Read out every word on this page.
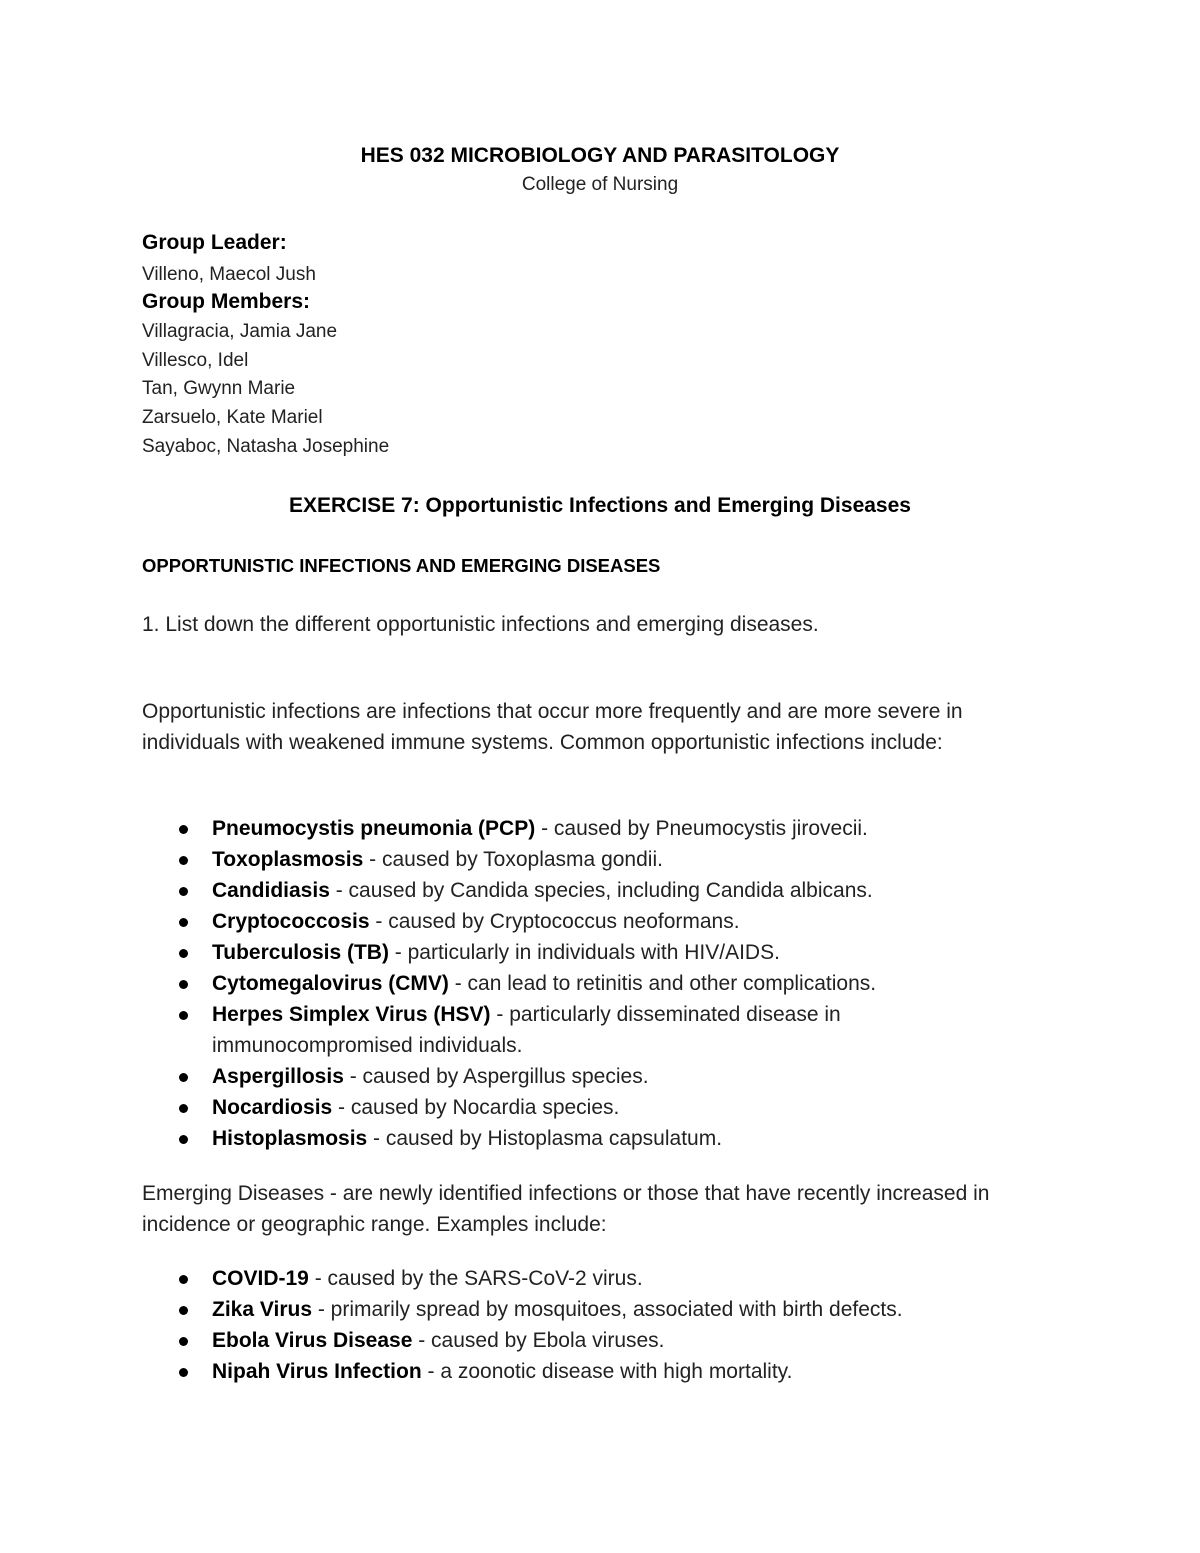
HES 032 MICROBIOLOGY AND PARASITOLOGY
College of Nursing
Group Leader:
Villeno, Maecol Jush
Group Members:
Villagracia, Jamia Jane
Villesco, Idel
Tan, Gwynn Marie
Zarsuelo, Kate Mariel
Sayaboc, Natasha Josephine
EXERCISE 7: Opportunistic Infections and Emerging Diseases
OPPORTUNISTIC INFECTIONS AND EMERGING DISEASES
1. List down the different opportunistic infections and emerging diseases.
Opportunistic infections are infections that occur more frequently and are more severe in individuals with weakened immune systems. Common opportunistic infections include:
Pneumocystis pneumonia (PCP) - caused by Pneumocystis jirovecii.
Toxoplasmosis - caused by Toxoplasma gondii.
Candidiasis - caused by Candida species, including Candida albicans.
Cryptococcosis - caused by Cryptococcus neoformans.
Tuberculosis (TB) - particularly in individuals with HIV/AIDS.
Cytomegalovirus (CMV) - can lead to retinitis and other complications.
Herpes Simplex Virus (HSV) - particularly disseminated disease in immunocompromised individuals.
Aspergillosis - caused by Aspergillus species.
Nocardiosis - caused by Nocardia species.
Histoplasmosis - caused by Histoplasma capsulatum.
Emerging Diseases - are newly identified infections or those that have recently increased in incidence or geographic range. Examples include:
COVID-19 - caused by the SARS-CoV-2 virus.
Zika Virus - primarily spread by mosquitoes, associated with birth defects.
Ebola Virus Disease - caused by Ebola viruses.
Nipah Virus Infection - a zoonotic disease with high mortality.
